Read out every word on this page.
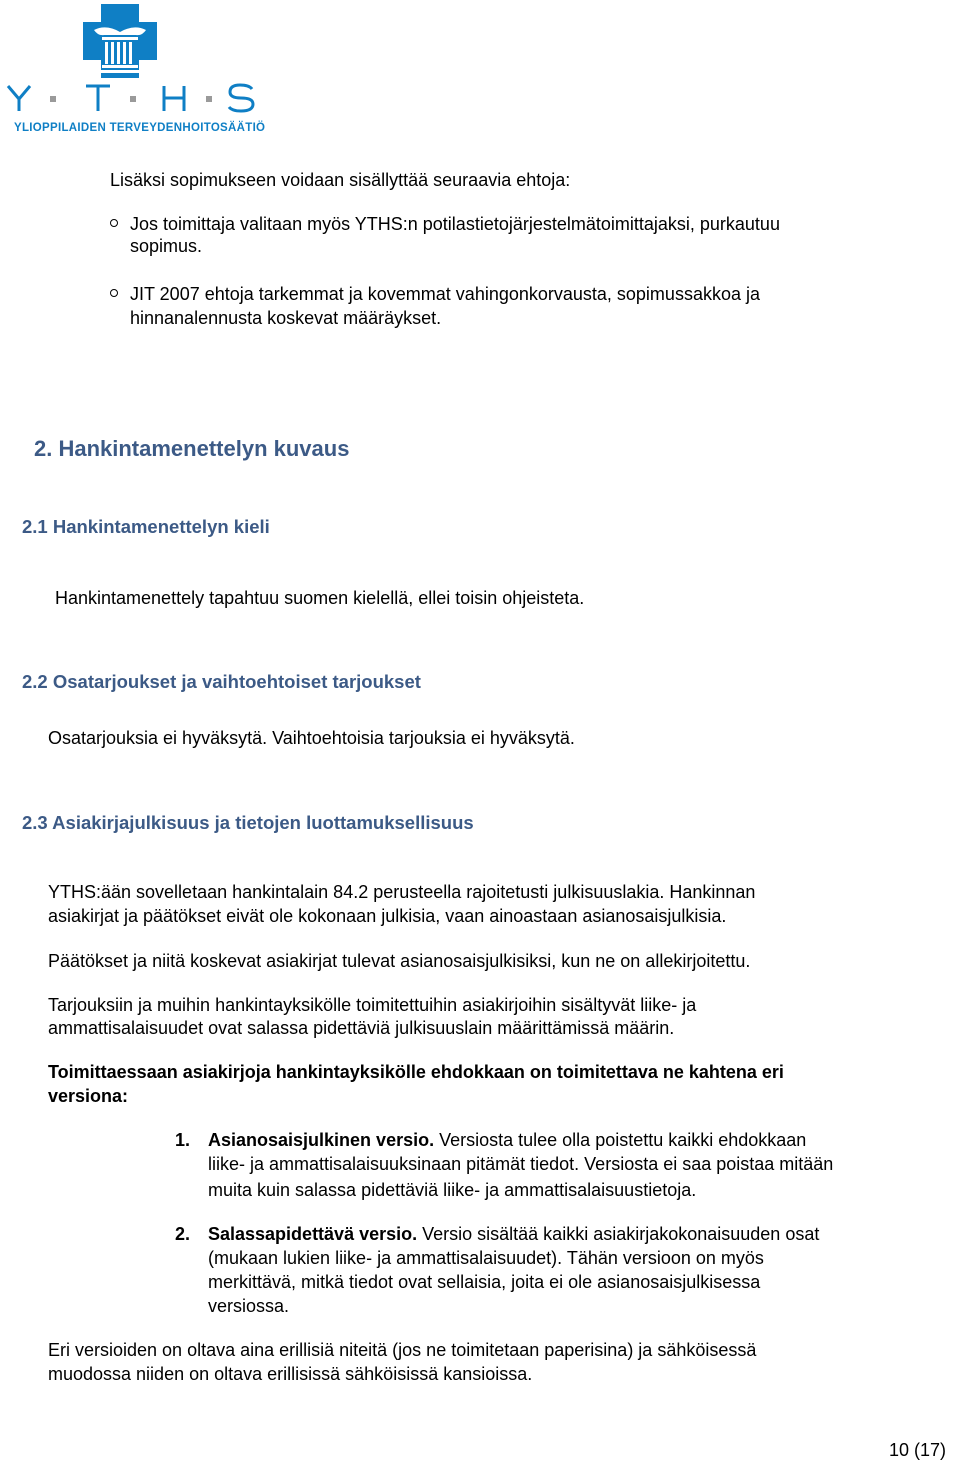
YLIOPPILAIDEN TERVEYDENHOITOSÄÄTIÖ
Lisäksi sopimukseen voidaan sisällyttää seuraavia ehtoja:
Jos toimittaja valitaan myös YTHS:n potilastietojärjestelmätoimittajaksi, purkautuu
sopimus.
JIT 2007 ehtoja tarkemmat ja kovemmat vahingonkorvausta, sopimussakkoa ja
hinnanalennusta koskevat määräykset.
2. Hankintamenettelyn kuvaus
2.1 Hankintamenettelyn kieli
Hankintamenettely tapahtuu suomen kielellä, ellei toisin ohjeisteta.
2.2 Osatarjoukset ja vaihtoehtoiset tarjoukset
Osatarjouksia ei hyväksytä. Vaihtoehtoisia tarjouksia ei hyväksytä.
2.3 Asiakirjajulkisuus ja tietojen luottamuksellisuus
YTHS:ään sovelletaan hankintalain 84.2 perusteella rajoitetusti julkisuuslakia. Hankinnan
asiakirjat ja päätökset eivät ole kokonaan julkisia, vaan ainoastaan asianosaisjulkisia.
Päätökset ja niitä koskevat asiakirjat tulevat asianosaisjulkisiksi, kun ne on allekirjoitettu.
Tarjouksiin ja muihin hankintayksikölle toimitettuihin asiakirjoihin sisältyvät liike- ja
ammattisalaisuudet ovat salassa pidettäviä julkisuuslain määrittämissä määrin.
Toimittaessaan asiakirjoja hankintayksikölle ehdokkaan on toimitettava ne kahtena eri
versiona:
1. Asianosaisjulkinen versio. Versiosta tulee olla poistettu kaikki ehdokkaan
liike- ja ammattisalaisuuksinaan pitämät tiedot. Versiosta ei saa poistaa mitään
muita kuin salassa pidettäviä liike- ja ammattisalaisuustietoja.
2. Salassapidettävä versio. Versio sisältää kaikki asiakirjakokonaisuuden osat
(mukaan lukien liike- ja ammattisalaisuudet). Tähän versioon on myös
merkittävä, mitkä tiedot ovat sellaisia, joita ei ole asianosaisjulkisessa
versiossa.
Eri versioiden on oltava aina erillisiä niteitä (jos ne toimitetaan paperisina) ja sähköisessä
muodossa niiden on oltava erillisissä sähköisissä kansioissa.
10 (17)
